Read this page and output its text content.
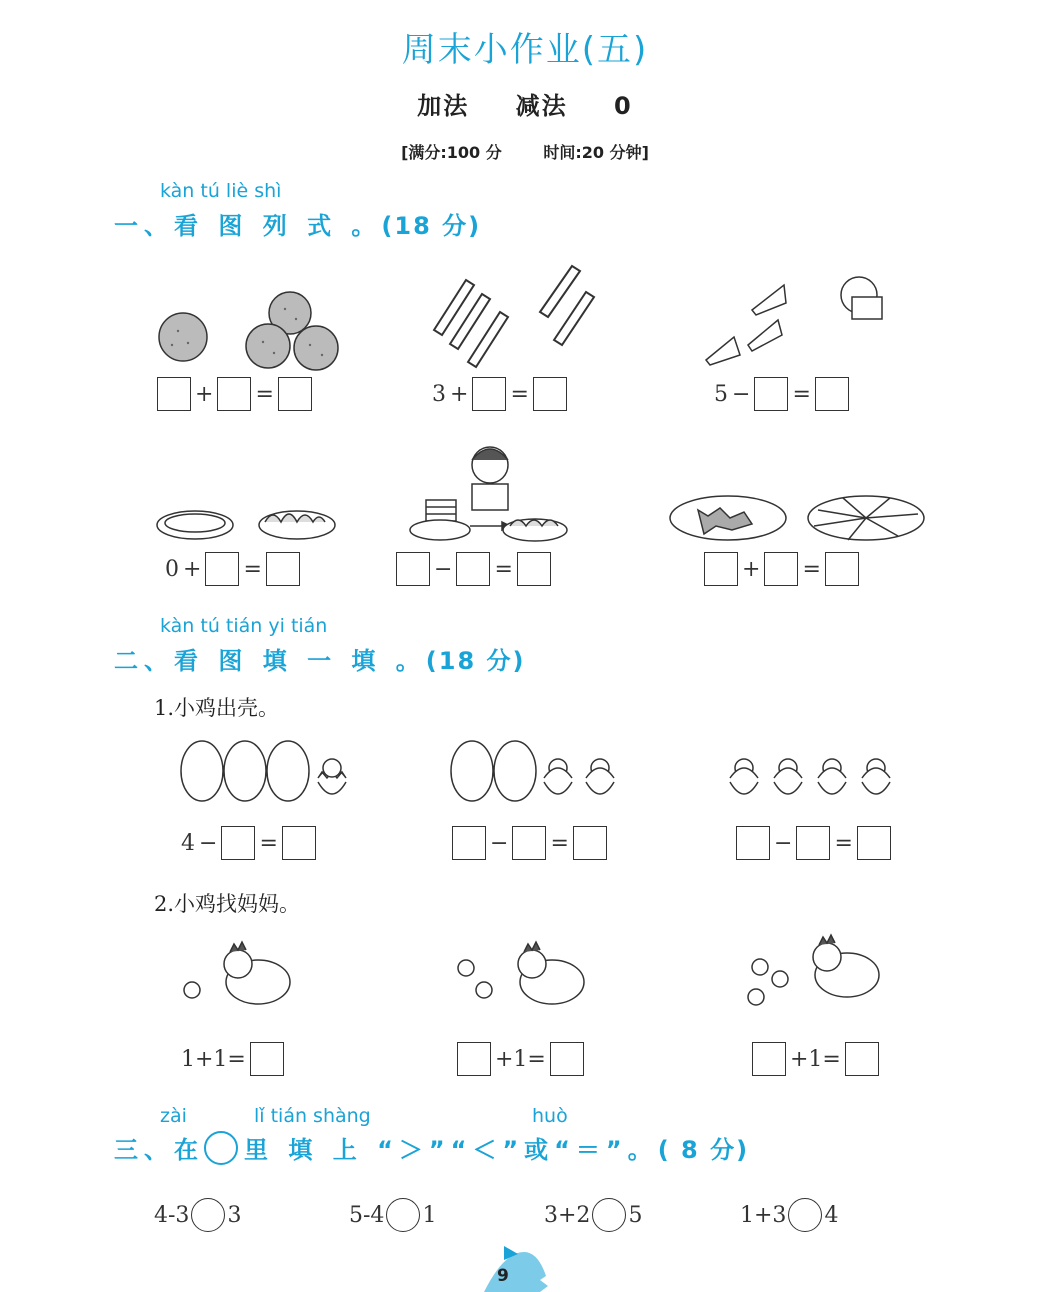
周末小作业(五)
加法 减法 0
[满分:100 分	时间:20 分钟]
kàn tú liè shì
一、看 图 列 式 。(18 分)
+ =	3 + =	5 − =
0 + =	− =	+ =
kàn tú tián yi tián
二、看 图 填 一 填 。(18 分)
1.小鸡出壳。
4 − =	− =	− =
2.小鸡找妈妈。
1+1=	+1=	+1=
zài	lǐ tián shàng	huò
三、在 里 填 上 “＞”“＜”或“＝”。 ( 8 分)
4-3 3	5-4 1	3+2 5	1+3 4
9
